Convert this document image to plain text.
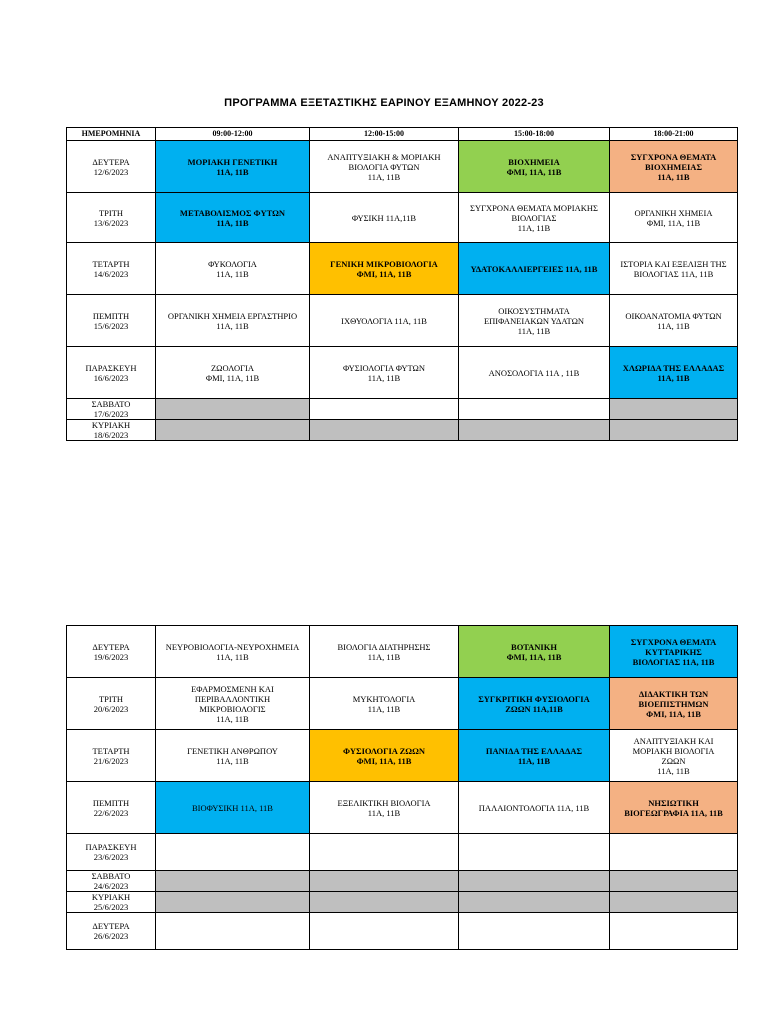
ΠΡΟΓΡΑΜΜΑ ΕΞΕΤΑΣΤΙΚΗΣ ΕΑΡΙΝΟΥ ΕΞΑΜΗΝΟΥ 2022-23
ΗΜΕΡΟΜΗΝΙΑ	09:00-12:00	12:00-15:00	15:00-18:00	18:00-21:00

ΔΕΥΤΕΡΑ
12/6/2023	ΜΟΡΙΑΚΗ ΓΕΝΕΤΙΚΗ
11Α, 11Β	ΑΝΑΠΤΥΞΙΑΚΗ & ΜΟΡΙΑΚΗ
ΒΙΟΛΟΓΙΑ ΦΥΤΩΝ
11Α, 11Β	ΒΙΟΧΗΜΕΙΑ
ΦΜΙ, 11Α, 11Β	ΣΥΓΧΡΟΝΑ ΘΕΜΑΤΑ
ΒΙΟΧΗΜΕΙΑΣ
11Α, 11Β

ΤΡΙΤΗ
13/6/2023	ΜΕΤΑΒΟΛΙΣΜΟΣ ΦΥΤΩΝ
11Α, 11Β	ΦΥΣΙΚΗ 11Α,11Β	ΣΥΓΧΡΟΝΑ ΘΕΜΑΤΑ ΜΟΡΙΑΚΗΣ
ΒΙΟΛΟΓΙΑΣ
11Α, 11Β	ΟΡΓΑΝΙΚΗ ΧΗΜΕΙΑ
ΦΜΙ, 11Α, 11Β

ΤΕΤΑΡΤΗ
14/6/2023	ΦΥΚΟΛΟΓΙΑ
11Α, 11Β	ΓΕΝΙΚΗ ΜΙΚΡΟΒΙΟΛΟΓΙΑ
ΦΜΙ, 11Α, 11Β	ΥΔΑΤΟΚΑΛΛΙΕΡΓΕΙΕΣ 11Α, 11Β	ΙΣΤΟΡΙΑ ΚΑΙ ΕΞΕΛΙΞΗ ΤΗΣ
ΒΙΟΛΟΓΙΑΣ 11Α, 11Β

ΠΕΜΠΤΗ
15/6/2023	ΟΡΓΑΝΙΚΗ ΧΗΜΕΙΑ ΕΡΓΑΣΤΗΡΙΟ
11Α, 11Β	ΙΧΘΥΟΛΟΓΙΑ 11Α, 11Β	ΟΙΚΟΣΥΣΤΗΜΑΤΑ
ΕΠΙΦΑΝΕΙΑΚΩΝ ΥΔΑΤΩΝ
11Α, 11Β	ΟΙΚΟΑΝΑΤΟΜΙΑ ΦΥΤΩΝ
11Α, 11Β

ΠΑΡΑΣΚΕΥΗ
16/6/2023	ΖΩΟΛΟΓΙΑ
ΦΜΙ, 11Α, 11Β	ΦΥΣΙΟΛΟΓΙΑ ΦΥΤΩΝ
11Α, 11Β	ΑΝΟΣΟΛΟΓΙΑ 11Α , 11Β	ΧΛΩΡΙΔΑ ΤΗΣ ΕΛΛΑΔΑΣ
11Α, 11Β

ΣΑΒΒΑΤΟ
17/6/2023				

ΚΥΡΙΑΚΗ
18/6/2023				

ΔΕΥΤΕΡΑ
19/6/2023	ΝΕΥΡΟΒΙΟΛΟΓΙΑ-ΝΕΥΡΟΧΗΜΕΙΑ
11Α, 11Β	ΒΙΟΛΟΓΙΑ ΔΙΑΤΗΡΗΣΗΣ
11Α, 11Β	ΒΟΤΑΝΙΚΗ
ΦΜΙ, 11Α, 11Β	ΣΥΓΧΡΟΝΑ ΘΕΜΑΤΑ
ΚΥΤΤΑΡΙΚΗΣ
ΒΙΟΛΟΓΙΑΣ 11Α, 11Β

ΤΡΙΤΗ
20/6/2023	ΕΦΑΡΜΟΣΜΕΝΗ ΚΑΙ
ΠΕΡΙΒΑΛΛΟΝΤΙΚΗ
ΜΙΚΡΟΒΙΟΛΟΓΙΣ
11Α, 11Β	ΜΥΚΗΤΟΛΟΓΙΑ
11Α, 11Β	ΣΥΓΚΡΙΤΙΚΗ ΦΥΣΙΟΛΟΓΙΑ
ΖΩΩΝ 11Α,11Β	ΔΙΔΑΚΤΙΚΗ ΤΩΝ
ΒΙΟΕΠΙΣΤΗΜΩΝ
ΦΜΙ, 11Α, 11Β

ΤΕΤΑΡΤΗ
21/6/2023	ΓΕΝΕΤΙΚΗ ΑΝΘΡΩΠΟΥ
11Α, 11Β	ΦΥΣΙΟΛΟΓΙΑ ΖΩΩΝ
ΦΜΙ, 11Α, 11Β	ΠΑΝΙΔΑ ΤΗΣ ΕΛΛΑΔΑΣ
11Α, 11Β	ΑΝΑΠΤΥΞΙΑΚΗ ΚΑΙ
ΜΟΡΙΑΚΗ ΒΙΟΛΟΓΙΑ
ΖΩΩΝ
11Α, 11Β

ΠΕΜΠΤΗ
22/6/2023	ΒΙΟΦΥΣΙΚΗ 11Α, 11Β	ΕΞΕΛΙΚΤΙΚΗ ΒΙΟΛΟΓΙΑ
11Α, 11Β	ΠΑΛΑΙΟΝΤΟΛΟΓΙΑ 11Α, 11Β	ΝΗΣΙΩΤΙΚΗ
ΒΙΟΓΕΩΓΡΑΦΙΑ 11Α, 11Β

ΠΑΡΑΣΚΕΥΗ
23/6/2023				

ΣΑΒΒΑΤΟ
24/6/2023				

ΚΥΡΙΑΚΗ
25/6/2023				

ΔΕΥΤΕΡΑ
26/6/2023				
